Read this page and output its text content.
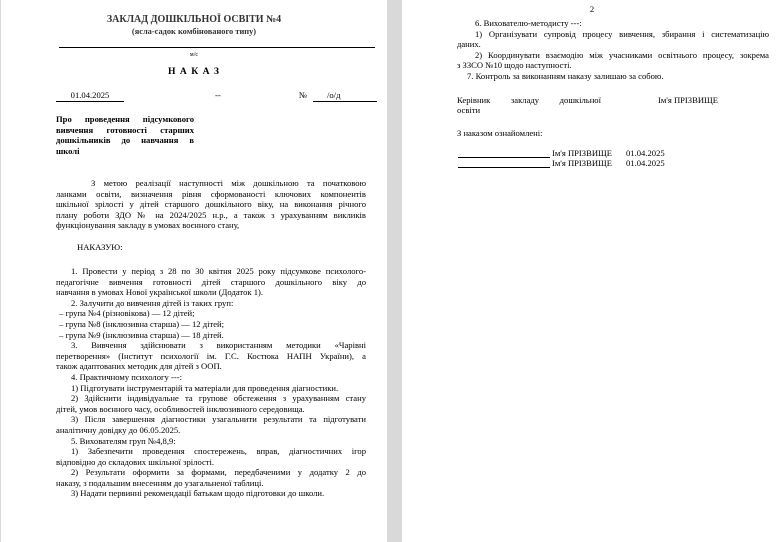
ЗАКЛАД ДОШКІЛЬНОЇ ОСВІТИ №4
(ясла-садок комбінованого типу)
м/с
Н А К А З
01.04.2025	--	№	/о/д
Про проведення підсумкового
вивчення готовності старших
дошкільників до навчання в
школі
З метою реалізації наступності між дошкільною та початковою
ланками освіти, визначення рівня сформованості ключових компонентів
шкільної зрілості у дітей старшого дошкільного віку, на виконання річного
плану роботи ЗДО № на 2024/2025 н.р., а також з урахуванням викликів
функціонування закладу в умовах воєнного стану,
НАКАЗУЮ:
1. Провести у період з 28 по 30 квітня 2025 року підсумкове психолого-
педагогічне вивчення готовності дітей старшого дошкільного віку до
навчання в умовах Нової української школи (Додаток 1).
2. Залучити до вивчення дітей із таких груп:
– група №4 (різновікова) — 12 дітей;
– група №8 (інклюзивна старша) — 12 дітей;
– група №9 (інклюзивна старша) — 18 дітей.
3. Вивчення здійснювати з використанням методики «Чарівні
перетворення» (Інститут психології ім. Г.С. Костюка НАПН України), а
також адаптованих методик для дітей з ООП.
4. Практичному психологу ---:
1) Підготувати інструментарій та матеріали для проведення діагностики.
2) Здійснити індивідуальне та групове обстеження з урахуванням стану
дітей, умов воєнного часу, особливостей інклюзивного середовища.
3) Після завершення діагностики узагальнити результати та підготувати
аналітичну довідку до 06.05.2025.
5. Вихователям груп №4,8,9:
1) Забезпечити проведення спостережень, вправ, діагностичних ігор
відповідно до складових шкільної зрілості.
2) Результати оформити за формами, передбаченими у додатку 2 до
наказу, з подальшим внесенням до узагальненої таблиці.
3) Надати первинні рекомендації батькам щодо підготовки до школи.
2
6. Вихователю-методисту ---:
1) Організувати супровід процесу вивчення, збирання і систематизацію
даних.
2) Координувати взаємодію між учасниками освітнього процесу, зокрема
з ЗЗСО №10 щодо наступності.
7. Контроль за виконанням наказу залишаю за собою.
Керівник закладу дошкільної
освіти
Ім'я ПРІЗВИЩЕ
З наказом ознайомлені:
Ім'я ПРІЗВИЩЕ 01.04.2025
Ім'я ПРІЗВИЩЕ 01.04.2025
